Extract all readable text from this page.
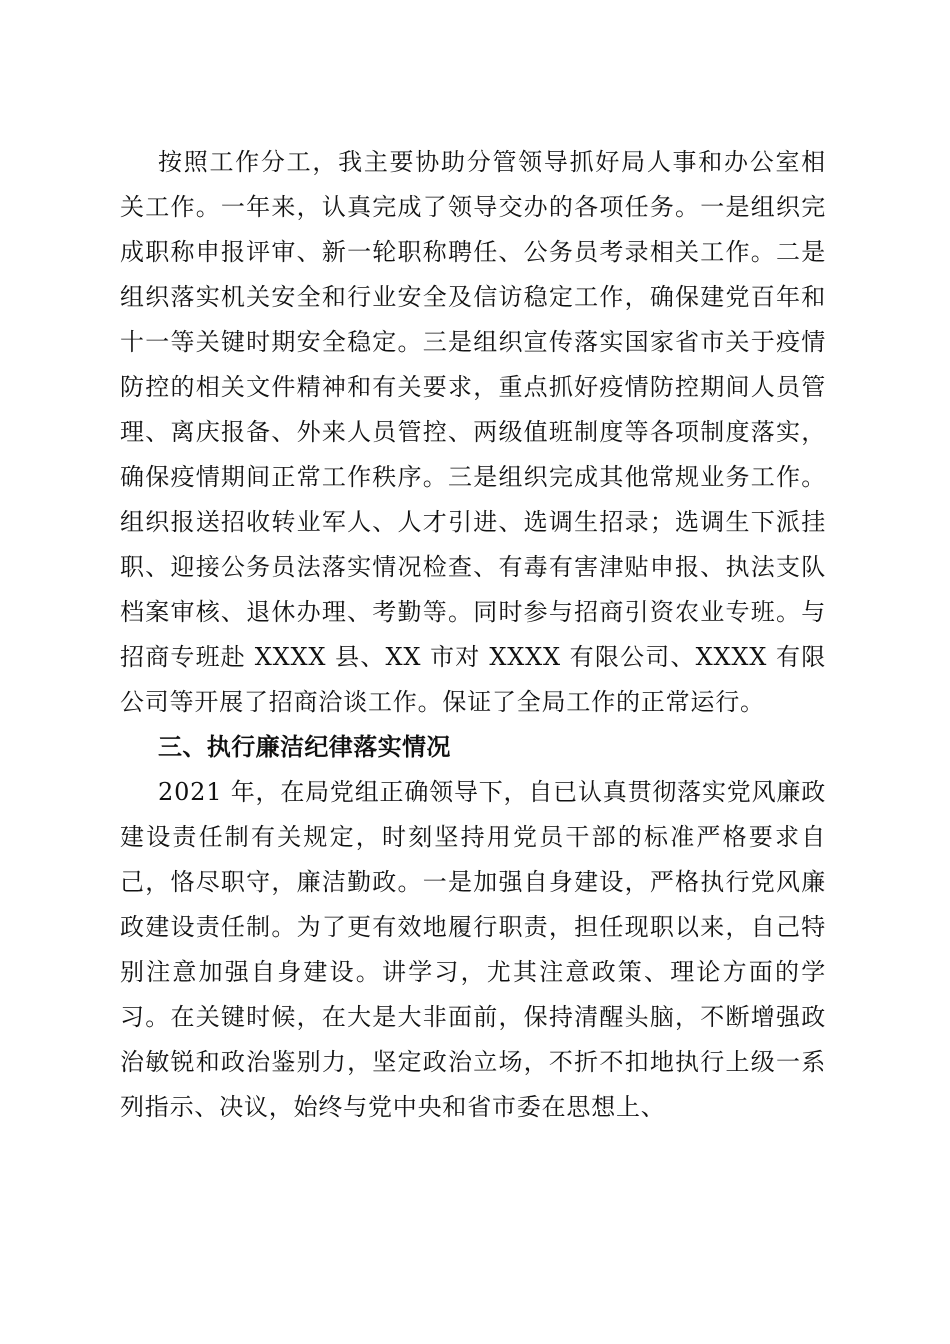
按照工作分工，我主要协助分管领导抓好局人事和办公室相关工作。一年来，认真完成了领导交办的各项任务。一是组织完成职称申报评审、新一轮职称聘任、公务员考录相关工作。二是组织落实机关安全和行业安全及信访稳定工作，确保建党百年和十一等关键时期安全稳定。三是组织宣传落实国家省市关于疫情防控的相关文件精神和有关要求，重点抓好疫情防控期间人员管理、离庆报备、外来人员管控、两级值班制度等各项制度落实，确保疫情期间正常工作秩序。三是组织完成其他常规业务工作。组织报送招收转业军人、人才引进、选调生招录；选调生下派挂职、迎接公务员法落实情况检查、有毒有害津贴申报、执法支队档案审核、退休办理、考勤等。同时参与招商引资农业专班。与招商专班赴 XXXX 县、XX 市对 XXXX 有限公司、XXXX 有限公司等开展了招商洽谈工作。保证了全局工作的正常运行。

三、执行廉洁纪律落实情况

2021 年，在局党组正确领导下，自已认真贯彻落实党风廉政建设责任制有关规定，时刻坚持用党员干部的标准严格要求自己，恪尽职守，廉洁勤政。一是加强自身建设，严格执行党风廉政建设责任制。为了更有效地履行职责，担任现职以来，自己特别注意加强自身建设。讲学习，尤其注意政策、理论方面的学习。在关键时候，在大是大非面前，保持清醒头脑，不断增强政治敏锐和政治鉴别力，坚定政治立场，不折不扣地执行上级一系列指示、决议，始终与党中央和省市委在思想上、
